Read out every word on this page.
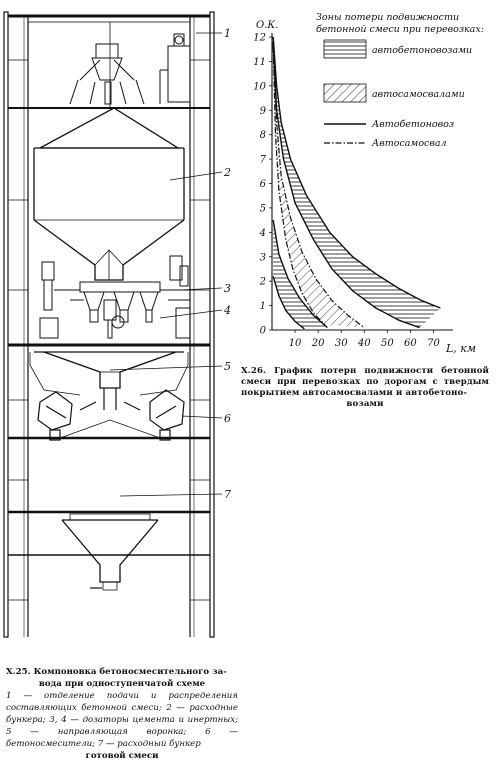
1
2
3
4
5
6
7
0
1
2
3
4
5
6
7
8
9
10
11
12
10 20 30 40 50 60 70
О.К.
L, км
Зоны потери подвижности
бетонной смеси при перевозках:
автобетоновозами
автосамосвалами
Автобетоновоз
Автосамосвал
X.26. График потерн подвижности бетонной смеси при перевозках по дорогам с твердым покрытием автосамосвалами и автобетоно-
возами
X.25. Компоновка бетоносмесительного за-
вода при одноступенчатой схеме
1 — отделение подачи и распределения составляющих бетонной смеси; 2 — расходные бункера; 3, 4 — дозаторы цемента и инертных; 5 — направляющая воронка; 6 — бетоносмесители; 7 — расходный бункер
готовой смеси
